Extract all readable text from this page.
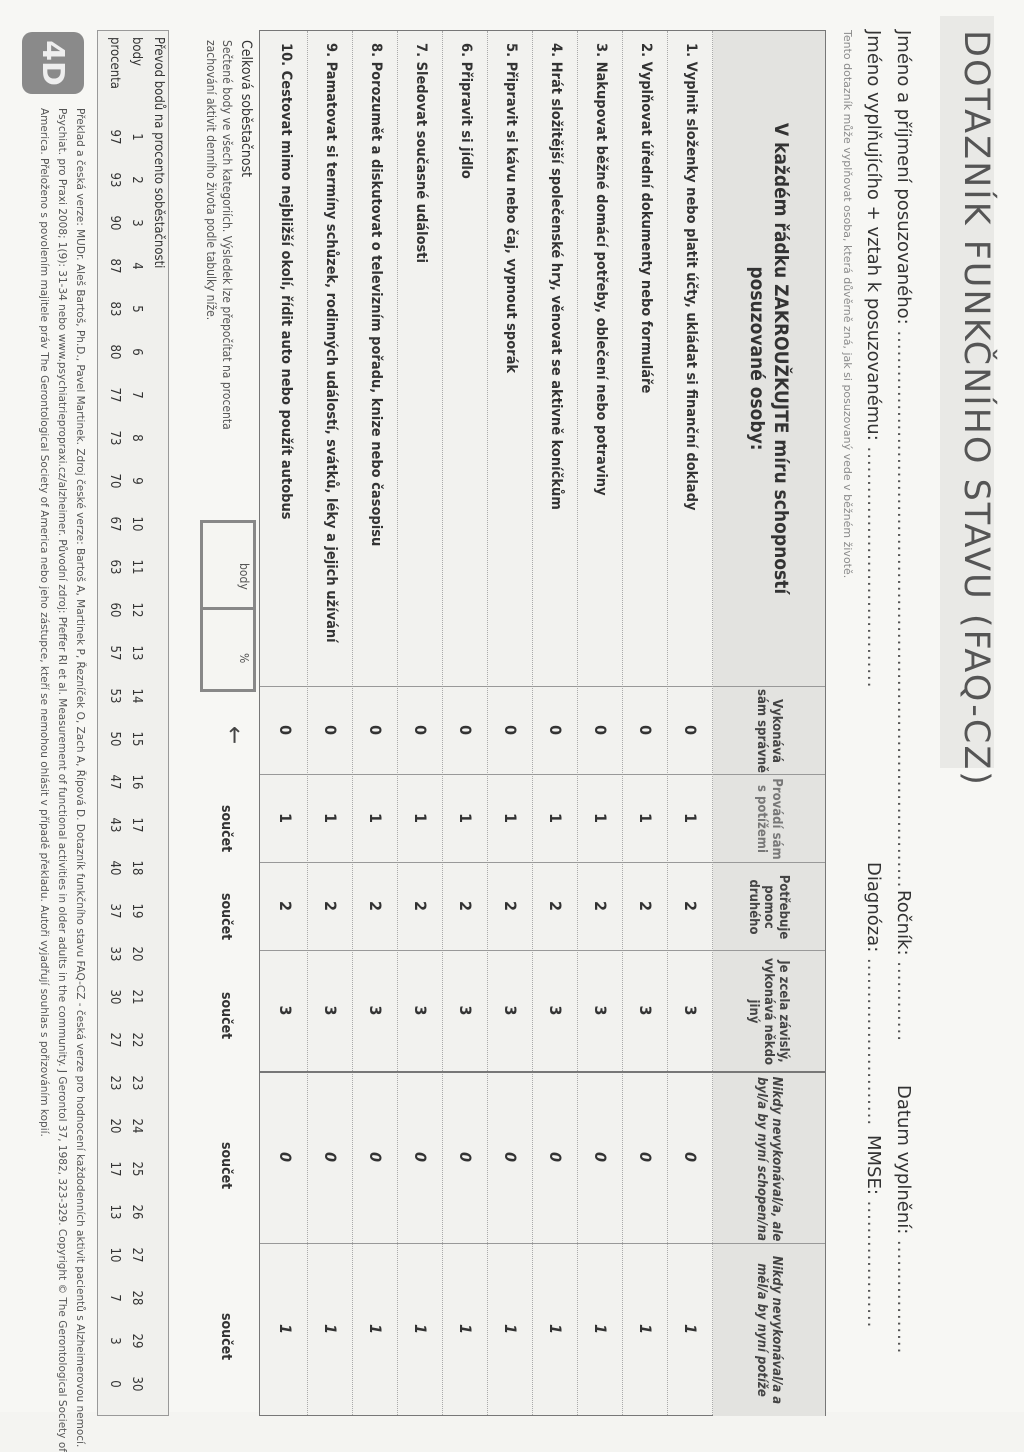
DOTAZNÍK FUNKČNÍHO STAVU (FAQ-CZ)
Jméno a příjmení posuzovaného: ...................................................................................
Ročník: ............
Datum vyplnění: .................
Jméno vyplňujícího + vztah k posuzovanému: ....................................
Diagnóza: .........................
MMSE: ...................
Tento dotazník může vyplňovat osoba, která důvěrně zná, jak si posuzovaný vede v běžném životě.
V každém řádku ZAKROUŽKUJTE míru schopností
posuzované osoby:
Vykonává sám správně
Provádí sám s potížemi
Potřebuje pomoc druhého
Je zcela závislý, vykonává někdo jiný
Nikdy nevykonával/a, ale byl/a by nyní schopen/na
Nikdy nevykonával/a a měl/a by nyní potíže
1. Vyplnit složenky nebo platit účty, ukládat si finanční doklady
0
1
2
3
0
1
2. Vyplňovat úřední dokumenty nebo formuláře
0
1
2
3
0
1
3. Nakupovat běžné domácí potřeby, oblečení nebo potraviny
0
1
2
3
0
1
4. Hrát složitější společenské hry, věnovat se aktivně koníčkům
0
1
2
3
0
1
5. Připravit si kávu nebo čaj, vypnout sporák
0
1
2
3
0
1
6. Připravit si jídlo
0
1
2
3
0
1
7. Sledovat současné události
0
1
2
3
0
1
8. Porozumět a diskutovat o televizním pořadu, knize nebo časopisu
0
1
2
3
0
1
9. Pamatovat si termíny schůzek, rodinných událostí, svátků, léky a jejich užívání
0
1
2
3
0
1
10. Cestovat mimo nejbližší okolí, řídit auto nebo použít autobus
0
1
2
3
0
1
Celková soběstačnost
Sečtené body ve všech kategoriích. Výsledek lze přepočítat na procenta
zachování aktivit denního života podle tabulky níže.
body
%
←
součet
součet
součet
součet
součet
Převod bodů na procento soběstačnosti
body
procenta
1
97
2
93
3
90
4
87
5
83
6
80
7
77
8
73
9
70
10
67
11
63
12
60
13
57
14
53
15
50
16
47
17
43
18
40
19
37
20
33
21
30
22
27
23
23
24
20
25
17
26
13
27
10
28
7
29
3
30
0
4D
Překlad a česká verze: MUDr. Aleš Bartoš, Ph.D., Pavel Martinek. Zdroj české verze: Bartoš A, Martinek P, Řezníček O, Zach A, Řípová D. Dotazník funkčního stavu FAQ-CZ - česká verze pro hodnocení každodenních aktivit pacientů s Alzheimerovou nemocí.
Psychiat. pro Praxi 2008; 1(9): 31-34 nebo www.psychiatriepropraxi.cz/alzheimer. Původní zdroj: Pfeffer RI et al. Measurement of functional activities in older adults in the community. J Gerontol 37, 1982, 323-329. Copyright © The Gerontological Society of
America. Přeloženo s povolením majitele práv The Gerontological Society of America nebo jeho zástupce, kteří se nemohou ohlásit v případě překladu. Autoři vyjadřují souhlas s pořizováním kopií.
